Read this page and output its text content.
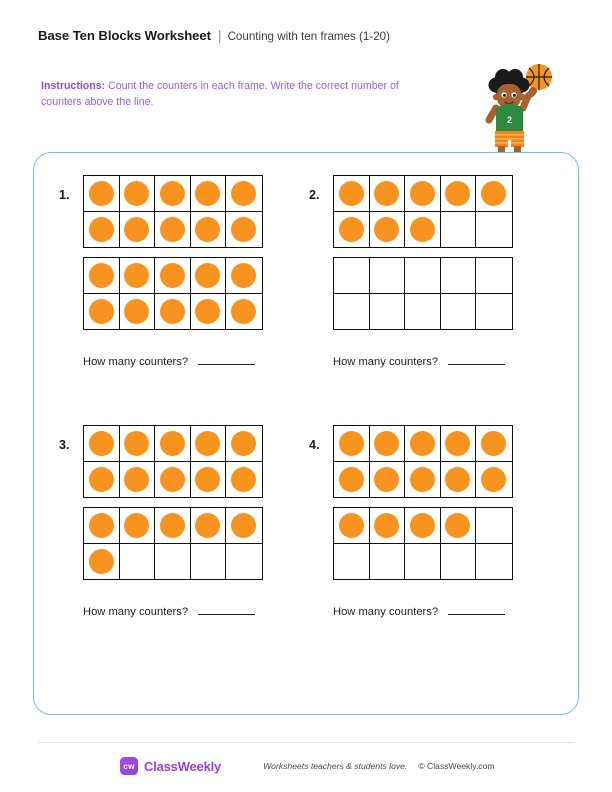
Base Ten Blocks Worksheet | Counting with ten frames (1-20)
Instructions: Count the counters in each frame. Write the correct number of counters above the line.
2
1.
How many counters?
2.
How many counters?
3.
How many counters?
4.
How many counters?
cw ClassWeekly	Worksheets teachers & students love. © ClassWeekly.com
